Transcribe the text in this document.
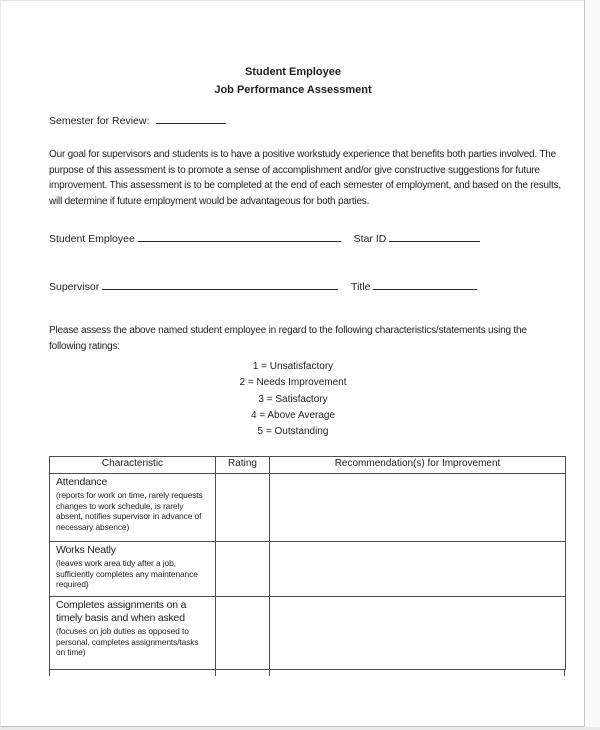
Student Employee
Job Performance Assessment
Semester for Review:
Our goal for supervisors and students is to have a positive workstudy experience that benefits both parties involved. The purpose of this assessment is to promote a sense of accomplishment and/or give constructive suggestions for future improvement. This assessment is to be completed at the end of each semester of employment, and based on the results, will determine if future employment would be advantageous for both parties.
Student Employee	Star ID
Supervisor	Title
Please assess the above named student employee in regard to the following characteristics/statements using the following ratings:
1 = Unsatisfactory
2 = Needs Improvement
3 = Satisfactory
4 = Above Average
5 = Outstanding
Characteristic	Rating	Recommendation(s) for Improvement

Attendance
(reports for work on time, rarely requests changes to work schedule, is rarely absent, notifies supervisor in advance of necessary absence)		

Works Neatly
(leaves work area tidy after a job, sufficiently completes any maintenance required)		

Completes assignments on a timely basis and when asked
(focuses on job duties as opposed to personal, completes assignments/tasks on time)		
